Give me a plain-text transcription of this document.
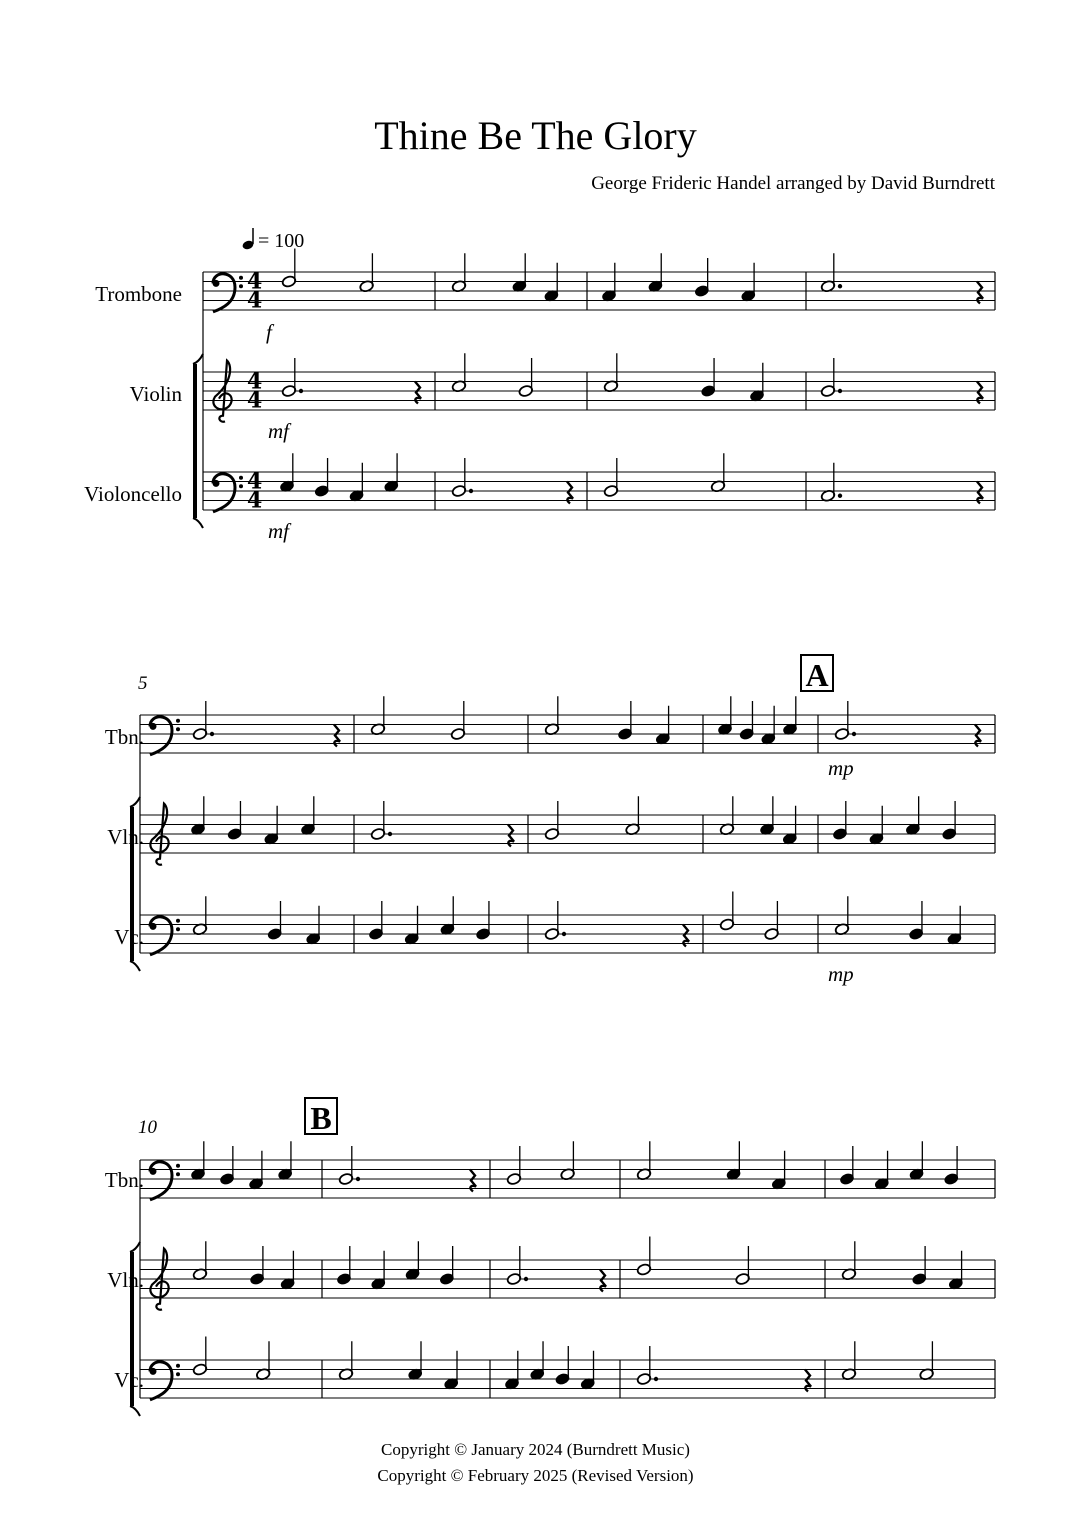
Thine Be The Glory
George Frideric Handel arranged by David Burndrett
= 100
Trombone
Violin
Violoncello
Tbn.
Vln.
Vc.
Tbn.
Vln.
Vc.
f
mf
mf
mp
mp
5
10
A
B
Copyright © January 2024 (Burndrett Music)
Copyright © February 2025 (Revised Version)
4
4
4
4
4
4
